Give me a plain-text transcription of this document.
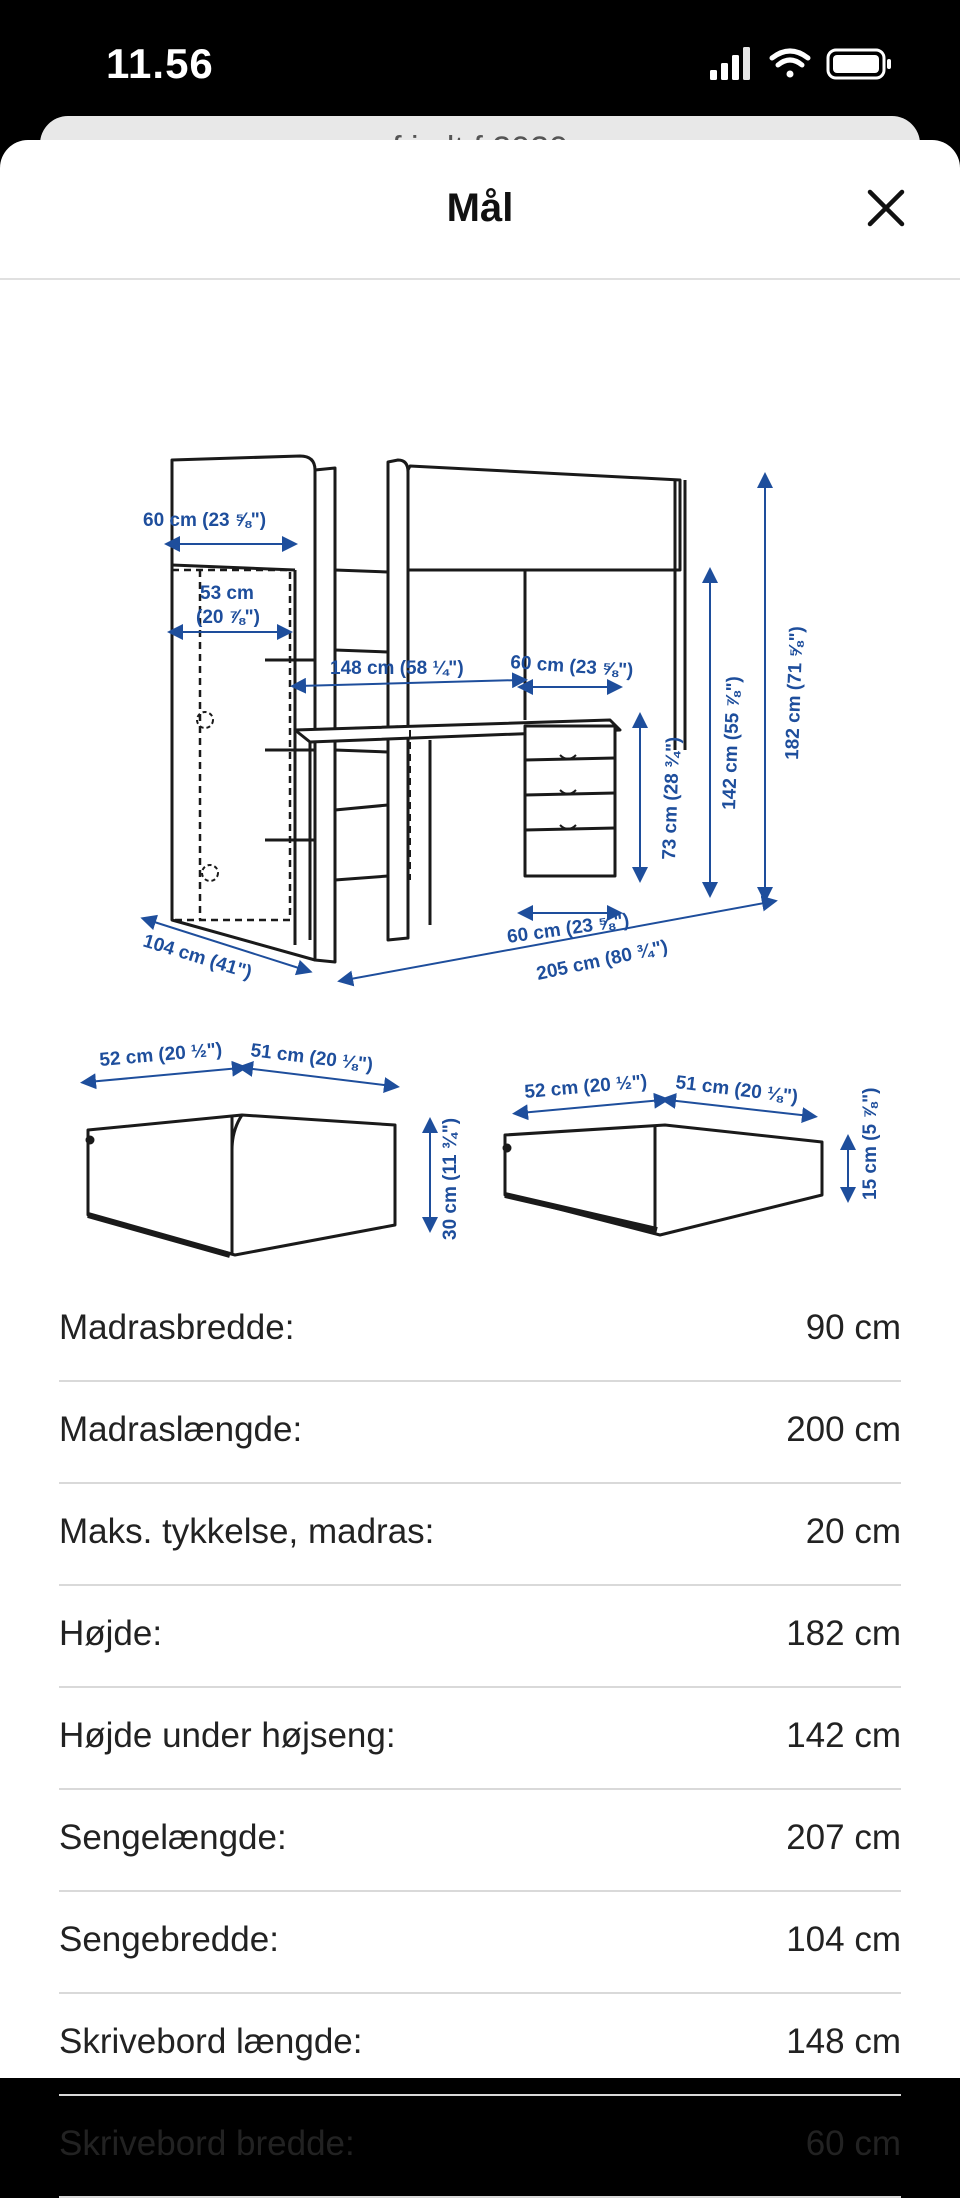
11.56
Mål
60 cm (23 ⅝")
53 cm
(20 ⅞")
148 cm (58 ¼") 60 cm (23 ⅝")
73 cm (28 ¾") 142 cm (55 ⅞") 182 cm (71 ⅝")
60 cm (23 ⅝")
104 cm (41")	205 cm (80 ¾")
52 cm (20 ½") 51 cm (20 ⅛")
30 cm (11 ¾")
52 cm (20 ½") 51 cm (20 ⅛")	15 cm (5 ⅞")
Madrasbredde:	90 cm
Madraslængde:	200 cm
Maks. tykkelse, madras:	20 cm
Højde:	182 cm
Højde under højseng:	142 cm
Sengelængde:	207 cm
Sengebredde:	104 cm
Skrivebord længde:	148 cm
Skrivebord bredde:	60 cm
